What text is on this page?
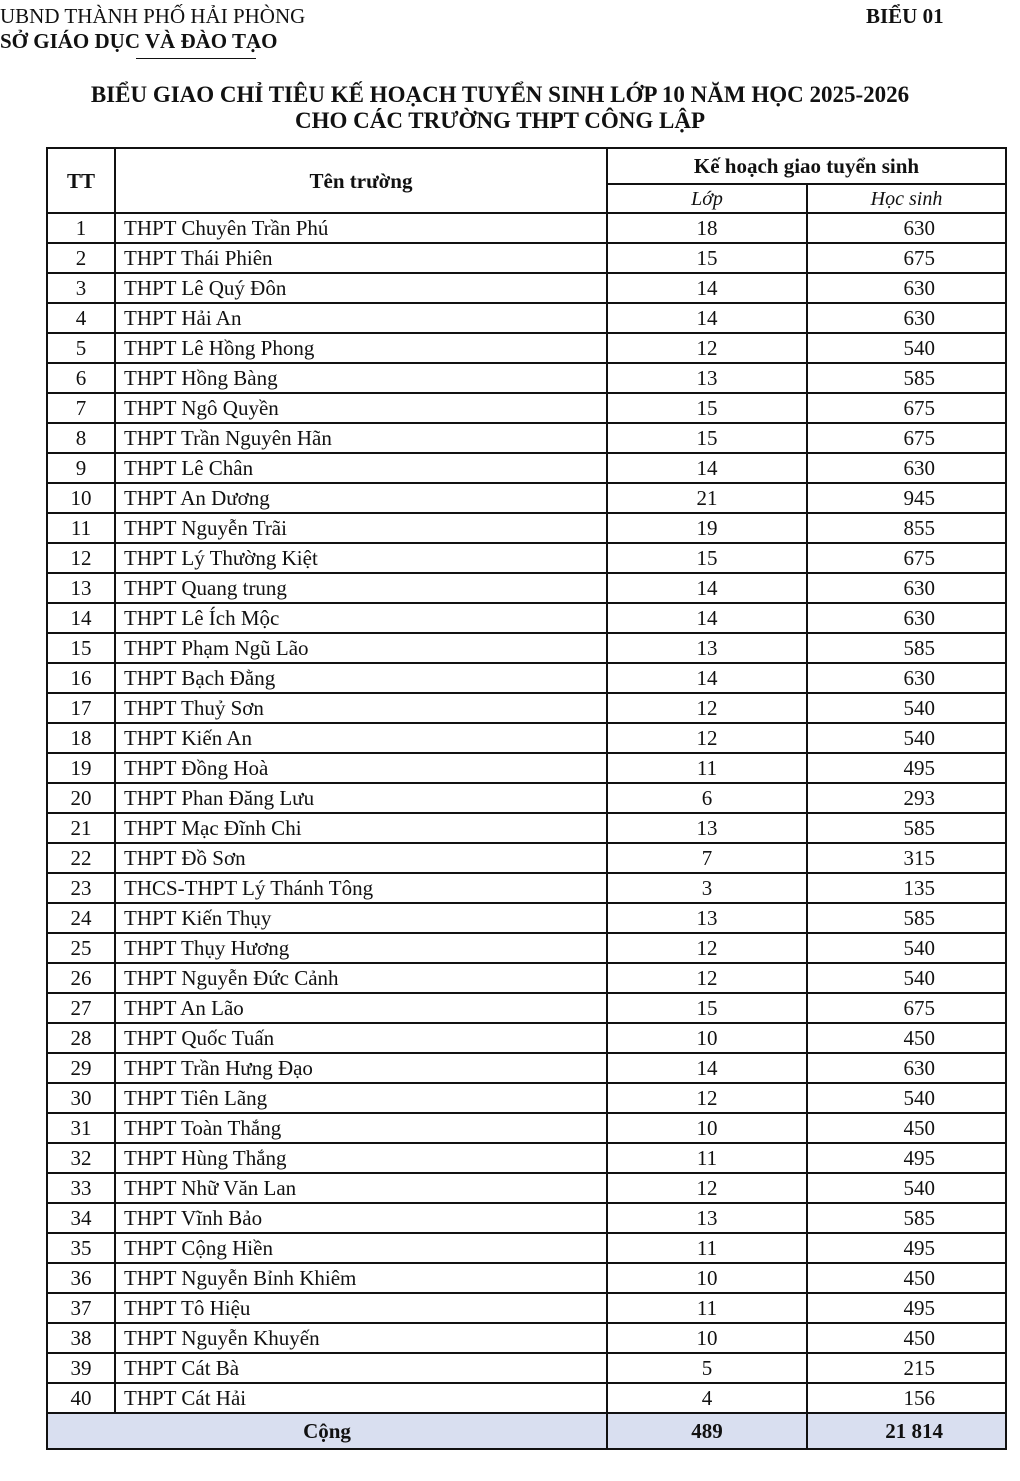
UBND THÀNH PHỐ HẢI PHÒNG
SỞ GIÁO DỤC VÀ ĐÀO TẠO
BIỂU 01
BIỂU GIAO CHỈ TIÊU KẾ HOẠCH TUYỂN SINH LỚP 10 NĂM HỌC 2025-2026
CHO CÁC TRƯỜNG THPT CÔNG LẬP
TT	Tên trường	Kế hoạch giao tuyển sinh	
		Lớp	Học sinh
1	THPT Chuyên Trần Phú	18	630
2	THPT Thái Phiên	15	675
3	THPT Lê Quý Đôn	14	630
4	THPT Hải An	14	630
5	THPT Lê Hồng Phong	12	540
6	THPT Hồng Bàng	13	585
7	THPT Ngô Quyền	15	675
8	THPT Trần Nguyên Hãn	15	675
9	THPT Lê Chân	14	630
10	THPT An Dương	21	945
11	THPT Nguyễn Trãi	19	855
12	THPT Lý Thường Kiệt	15	675
13	THPT Quang trung	14	630
14	THPT Lê Ích Mộc	14	630
15	THPT Phạm Ngũ Lão	13	585
16	THPT Bạch Đằng	14	630
17	THPT Thuỷ Sơn	12	540
18	THPT Kiến An	12	540
19	THPT Đồng Hoà	11	495
20	THPT Phan Đăng Lưu	6	293
21	THPT Mạc Đĩnh Chi	13	585
22	THPT Đồ Sơn	7	315
23	THCS-THPT Lý Thánh Tông	3	135
24	THPT Kiến Thụy	13	585
25	THPT Thụy Hương	12	540
26	THPT Nguyễn Đức Cảnh	12	540
27	THPT An Lão	15	675
28	THPT Quốc Tuấn	10	450
29	THPT Trần Hưng Đạo	14	630
30	THPT Tiên Lãng	12	540
31	THPT Toàn Thắng	10	450
32	THPT Hùng Thắng	11	495
33	THPT Nhữ Văn Lan	12	540
34	THPT Vĩnh Bảo	13	585
35	THPT Cộng Hiền	11	495
36	THPT Nguyễn Bỉnh Khiêm	10	450
37	THPT Tô Hiệu	11	495
38	THPT Nguyễn Khuyến	10	450
39	THPT Cát Bà	5	215
40	THPT Cát Hải	4	156
Cộng		489	21 814
